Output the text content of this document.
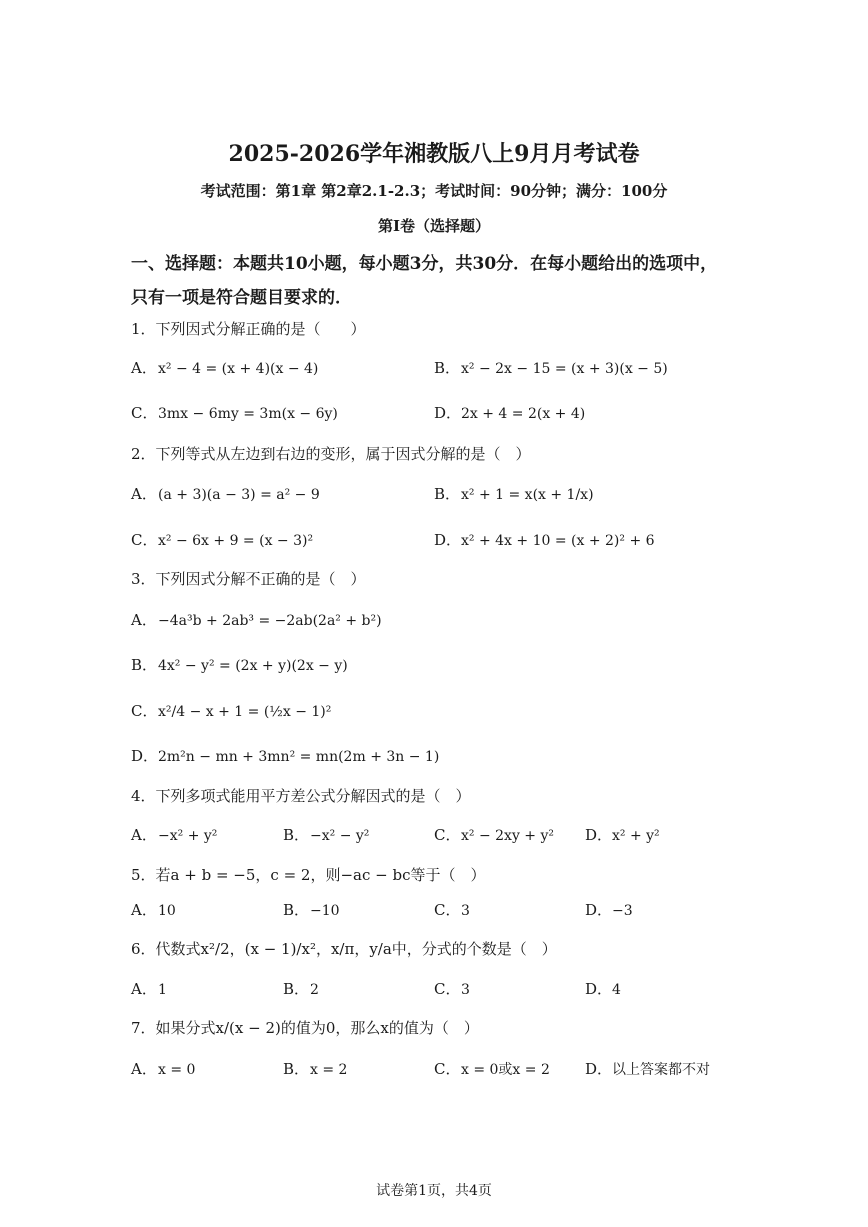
2025-2026学年湘教版八上9月月考试卷
考试范围：第1章 第2章2.1-2.3；考试时间：90分钟；满分：100分
第I卷（选择题）
一、选择题：本题共10小题，每小题3分，共30分．在每小题给出的选项中，
只有一项是符合题目要求的．
1．下列因式分解正确的是（　　）
A．x² − 4 = (x + 4)(x − 4)	B．x² − 2x − 15 = (x + 3)(x − 5)
C．3mx − 6my = 3m(x − 6y)	D．2x + 4 = 2(x + 4)
2．下列等式从左边到右边的变形，属于因式分解的是（　）
A．(a + 3)(a − 3) = a² − 9	B．x² + 1 = x(x + 1/x)
C．x² − 6x + 9 = (x − 3)²	D．x² + 4x + 10 = (x + 2)² + 6
3．下列因式分解不正确的是（　）
A．−4a³b + 2ab³ = −2ab(2a² + b²)
B．4x² − y² = (2x + y)(2x − y)
C．x²/4 − x + 1 = (½x − 1)²
D．2m²n − mn + 3mn² = mn(2m + 3n − 1)
4．下列多项式能用平方差公式分解因式的是（　）
A．−x² + y²	B．−x² − y²	C．x² − 2xy + y² D．x² + y²
5．若a + b = −5，c = 2，则−ac − bc等于（　）
A．10	B．−10	C．3	D．−3
6．代数式x²/2，(x − 1)/x²，x/π，y/a中，分式的个数是（　）
A．1	B．2	C．3	D．4
7．如果分式x/(x − 2)的值为0，那么x的值为（　）
A．x = 0	B．x = 2	C．x = 0或x = 2 D．以上答案都不对
试卷第1页，共4页
